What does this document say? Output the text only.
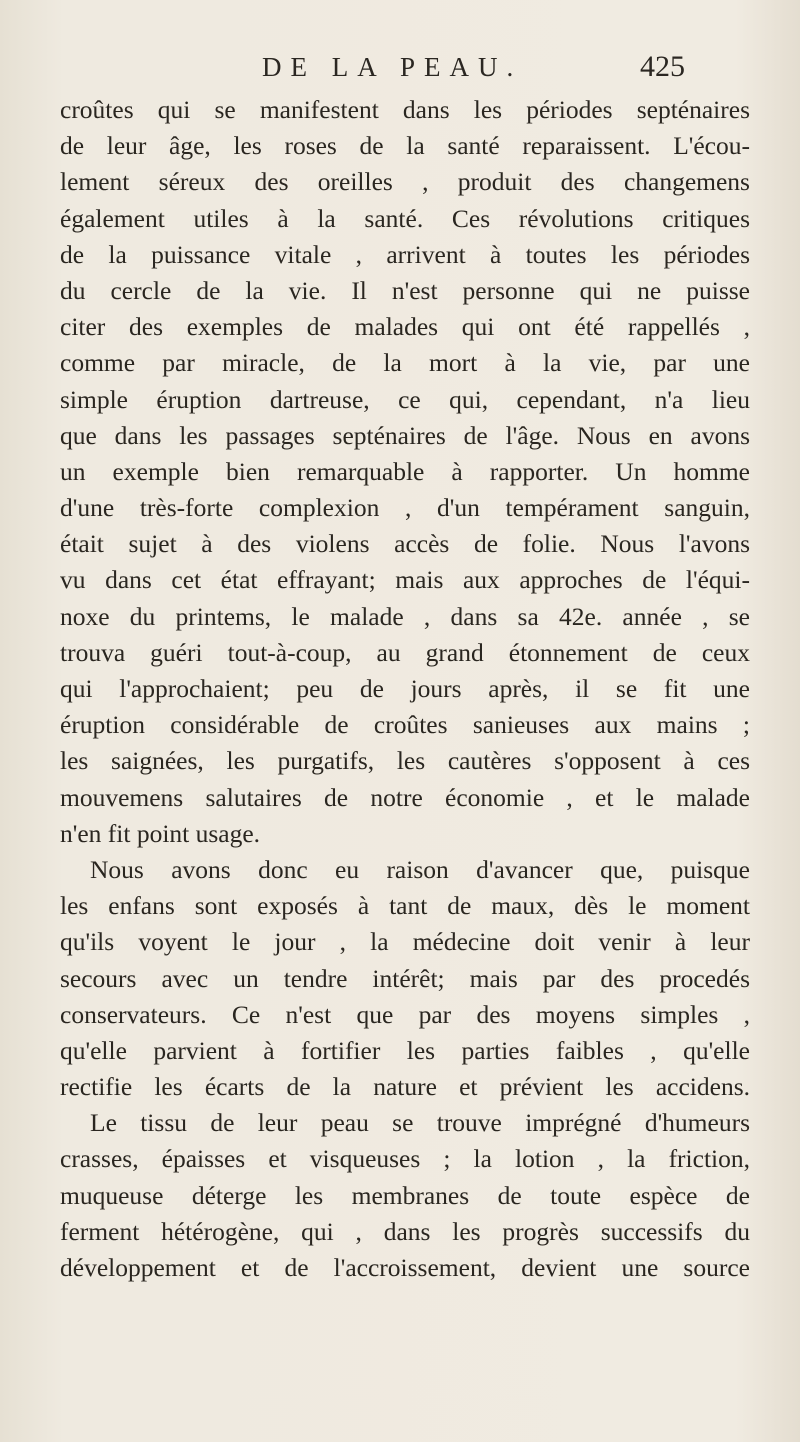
DE LA PEAU.	425
croûtes qui se manifestent dans les périodes septénaires
de leur âge, les roses de la santé reparaissent. L'écou-
lement séreux des oreilles , produit des changemens
également utiles à la santé. Ces révolutions critiques
de la puissance vitale , arrivent à toutes les périodes
du cercle de la vie. Il n'est personne qui ne puisse
citer des exemples de malades qui ont été rappellés ,
comme par miracle, de la mort à la vie, par une
simple éruption dartreuse, ce qui, cependant, n'a lieu
que dans les passages septénaires de l'âge. Nous en avons
un exemple bien remarquable à rapporter. Un homme
d'une très-forte complexion , d'un tempérament sanguin,
était sujet à des violens accès de folie. Nous l'avons
vu dans cet état effrayant; mais aux approches de l'équi-
noxe du printems, le malade , dans sa 42e. année , se
trouva guéri tout-à-coup, au grand étonnement de ceux
qui l'approchaient; peu de jours après, il se fit une
éruption considérable de croûtes sanieuses aux mains ;
les saignées, les purgatifs, les cautères s'opposent à ces
mouvemens salutaires de notre économie , et le malade
n'en fit point usage.
Nous avons donc eu raison d'avancer que, puisque
les enfans sont exposés à tant de maux, dès le moment
qu'ils voyent le jour , la médecine doit venir à leur
secours avec un tendre intérêt; mais par des procedés
conservateurs. Ce n'est que par des moyens simples ,
qu'elle parvient à fortifier les parties faibles , qu'elle
rectifie les écarts de la nature et prévient les accidens.
Le tissu de leur peau se trouve imprégné d'humeurs
crasses, épaisses et visqueuses ; la lotion , la friction,
muqueuse déterge les membranes de toute espèce de
ferment hétérogène, qui , dans les progrès successifs du
développement et de l'accroissement, devient une source
